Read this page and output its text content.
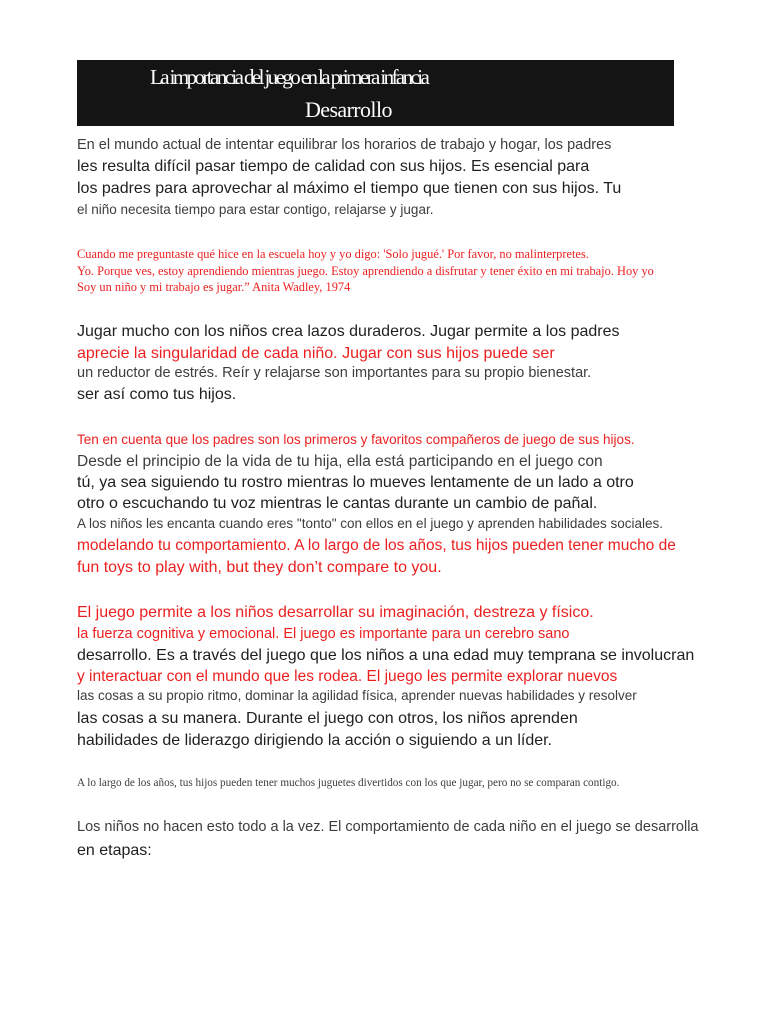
La importancia del juego en la primera infancia
Desarrollo

En el mundo actual de intentar equilibrar los horarios de trabajo y hogar, los padres

les resulta difícil pasar tiempo de calidad con sus hijos. Es esencial para

los padres para aprovechar al máximo el tiempo que tienen con sus hijos. Tu

el niño necesita tiempo para estar contigo, relajarse y jugar.

Cuando me preguntaste qué hice en la escuela hoy y yo digo: 'Solo jugué.' Por favor, no malinterpretes.

Yo. Porque ves, estoy aprendiendo mientras juego. Estoy aprendiendo a disfrutar y tener éxito en mi trabajo. Hoy yo

Soy un niño y mi trabajo es jugar.” Anita Wadley, 1974

Jugar mucho con los niños crea lazos duraderos. Jugar permite a los padres

aprecie la singularidad de cada niño. Jugar con sus hijos puede ser

un reductor de estrés. Reír y relajarse son importantes para su propio bienestar.

ser así como tus hijos.

Ten en cuenta que los padres son los primeros y favoritos compañeros de juego de sus hijos.

Desde el principio de la vida de tu hija, ella está participando en el juego con

tú, ya sea siguiendo tu rostro mientras lo mueves lentamente de un lado a otro

otro o escuchando tu voz mientras le cantas durante un cambio de pañal.

A los niños les encanta cuando eres "tonto" con ellos en el juego y aprenden habilidades sociales.

modelando tu comportamiento. A lo largo de los años, tus hijos pueden tener mucho de

fun toys to play with, but they don’t compare to you.

El juego permite a los niños desarrollar su imaginación, destreza y físico.

la fuerza cognitiva y emocional. El juego es importante para un cerebro sano

desarrollo. Es a través del juego que los niños a una edad muy temprana se involucran

y interactuar con el mundo que les rodea. El juego les permite explorar nuevos

las cosas a su propio ritmo, dominar la agilidad física, aprender nuevas habilidades y resolver

las cosas a su manera. Durante el juego con otros, los niños aprenden

habilidades de liderazgo dirigiendo la acción o siguiendo a un líder.

A lo largo de los años, tus hijos pueden tener muchos juguetes divertidos con los que jugar, pero no se comparan contigo.

Los niños no hacen esto todo a la vez. El comportamiento de cada niño en el juego se desarrolla

en etapas:
